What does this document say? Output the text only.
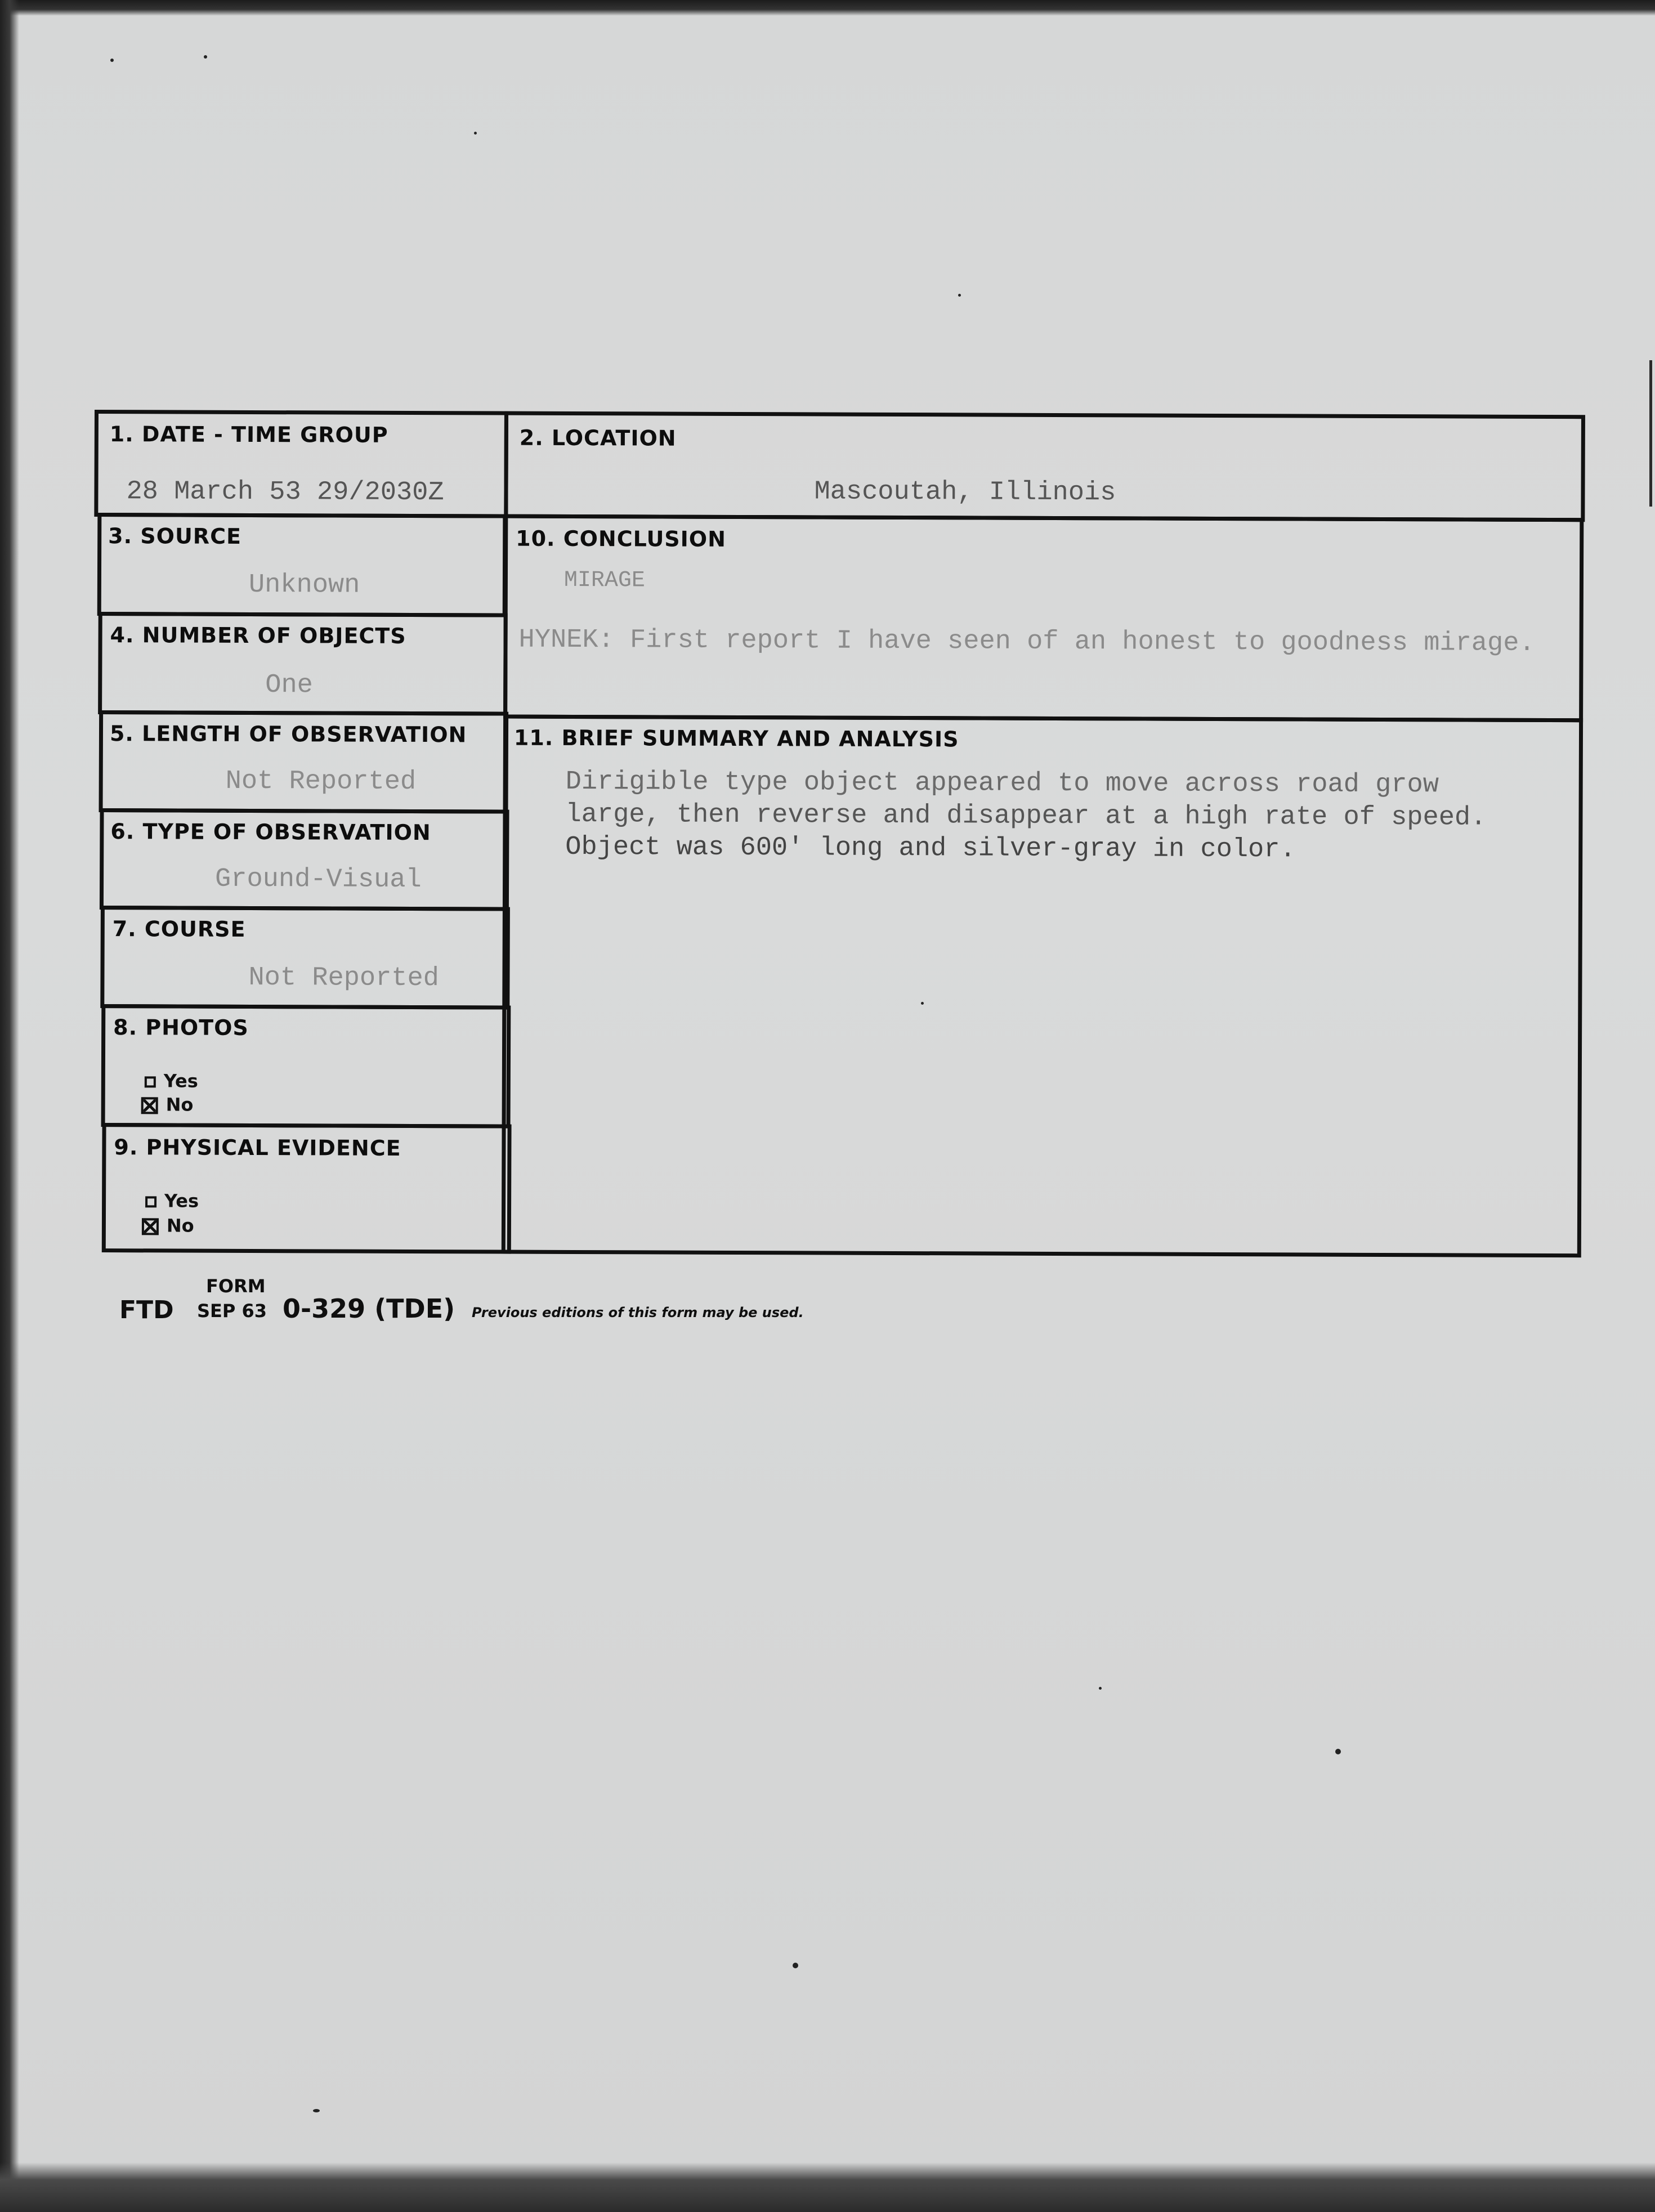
1. DATE - TIME GROUP
28 March 53 29/2030Z
3. SOURCE
Unknown
4. NUMBER OF OBJECTS
One
5. LENGTH OF OBSERVATION
Not Reported
6. TYPE OF OBSERVATION
Ground-Visual
7. COURSE
Not Reported
8. PHOTOS
Yes
No
9. PHYSICAL EVIDENCE
Yes
No
2. LOCATION
Mascoutah, Illinois
10. CONCLUSION
MIRAGE
HYNEK: First report I have seen of an honest to goodness mirage.
11. BRIEF SUMMARY AND ANALYSIS
Dirigible type object appeared to move across road grow
large, then reverse and disappear at a high rate of speed.
Object was 600' long and silver-gray in color.
FORM
FTD SEP 63 0-329 (TDE) Previous editions of this form may be used.
